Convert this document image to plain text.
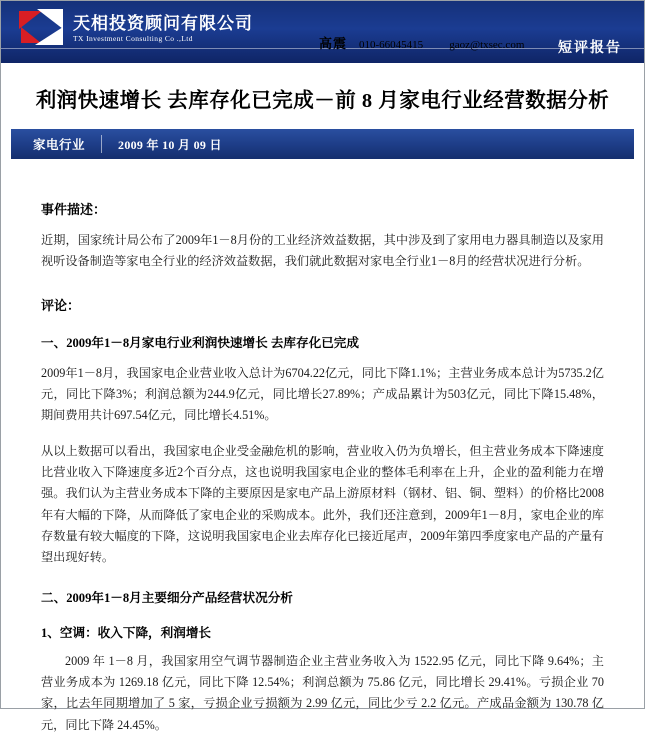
天相投资顾问有限公司
TX Investment Consulting Co .,Ltd
短评报告
利润快速增长 去库存化已完成－前 8 月家电行业经营数据分析
家电行业	2009 年 10 月 09 日
高震 010-66045415 gaoz@txsec.com
事件描述：

近期，国家统计局公布了2009年1－8月份的工业经济效益数据，其中涉及到了家用电力器具制造以及家用视听设备制造等家电全行业的经济效益数据，我们就此数据对家电全行业1－8月的经营状况进行分析。

评论：
一、2009年1－8月家电行业利润快速增长 去库存化已完成

2009年1－8月，我国家电企业营业收入总计为6704.22亿元，同比下降1.1%；主营业务成本总计为5735.2亿元，同比下降3%；利润总额为244.9亿元，同比增长27.89%；产成品累计为503亿元，同比下降15.48%，期间费用共计697.54亿元，同比增长4.51%。

从以上数据可以看出，我国家电企业受金融危机的影响，营业收入仍为负增长，但主营业务成本下降速度比营业收入下降速度多近2个百分点，这也说明我国家电企业的整体毛利率在上升，企业的盈利能力在增强。我们认为主营业务成本下降的主要原因是家电产品上游原材料（钢材、铝、铜、塑料）的价格比2008年有大幅的下降，从而降低了家电企业的采购成本。此外，我们还注意到，2009年1－8月，家电企业的库存数量有较大幅度的下降，这说明我国家电企业去库存化已接近尾声，2009年第四季度家电产品的产量有望出现好转。

二、2009年1－8月主要细分产品经营状况分析
1、空调：收入下降，利润增长

2009 年 1－8 月，我国家用空气调节器制造企业主营业务收入为 1522.95 亿元，同比下降 9.64%；主营业务成本为 1269.18 亿元，同比下降 12.54%；利润总额为 75.86 亿元，同比增长 29.41%。亏损企业 70 家，比去年同期增加了 5 家，亏损企业亏损额为 2.99 亿元，同比少亏 2.2 亿元。产成品金额为 130.78 亿元，同比下降 24.45%。
